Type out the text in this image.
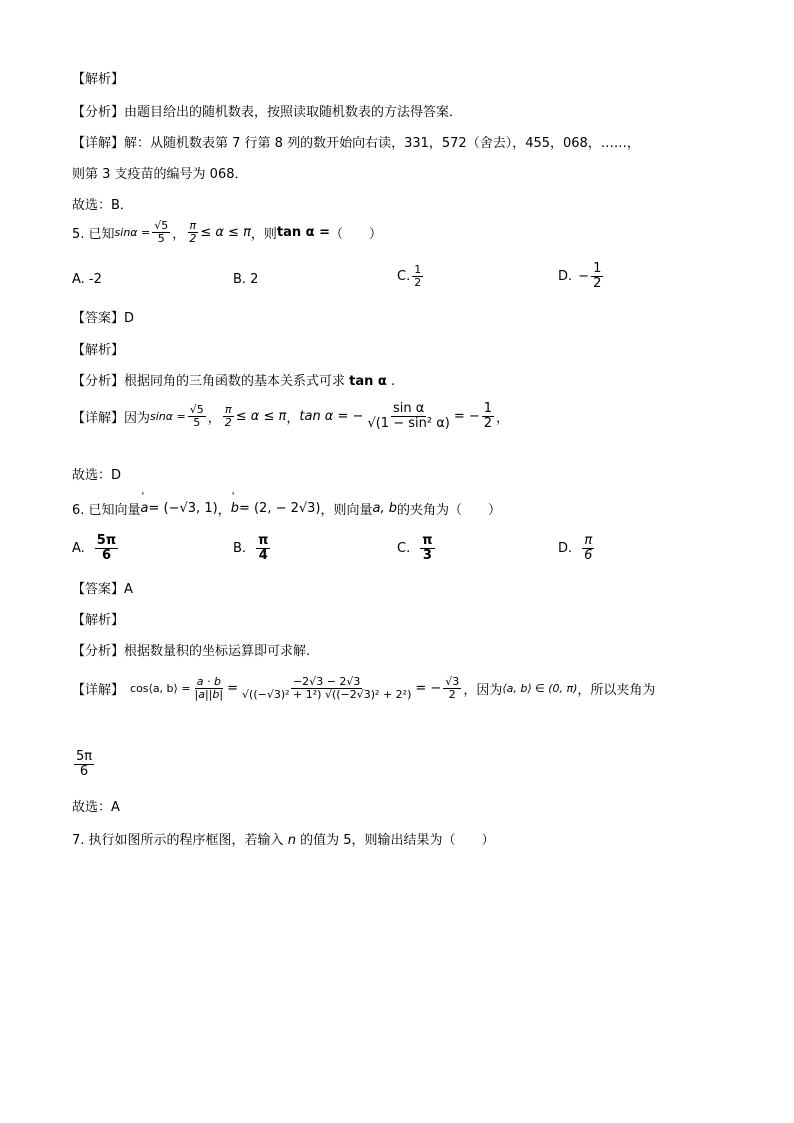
【解析】
【分析】由题目给出的随机数表，按照读取随机数表的方法得答案．
【详解】解：从随机数表第 7 行第 8 列的数开始向右读，331，572（舍去），455，068，……，
则第 3 支疫苗的编号为 068．
故选：B．
5. 已知 $\sin\alpha = \frac{√5}{5}$ ， $\frac{\pi}{2} \le \alpha \le \pi$ ，则 tan α = （　　）
A. -2	B. 2	C. $\frac{1}{2}$	D. − $\frac{1}{2}$
【答案】D
【解析】
【分析】根据同角的三角函数的基本关系式可求 tan α .
【详解】因为 $\sin\alpha = \frac{√5}{5}$ ， $\frac{\pi}{2} \le \alpha \le \pi$ ， tan α = − $\frac{\text{sin α}}{\text{√(1 − sin² α)}}$ = − $\frac{1}{2}$ ，
故选：D
6. 已知向量 ' a = (−√3, 1) ， ' b = (2, − 2√3) ，则向量 a, b 的夹角为（　　）
A. $\frac{5\pi}{6}$	B. $\frac{\pi}{4}$	C. $\frac{\pi}{3}$	D. $\frac{\pi}{6}$
【答案】A
【解析】
【分析】根据数量积的坐标运算即可求解.
【详解】 cos⟨a, b⟩ = $\frac{a \cdot b}{|a||b|} = \frac{-2√3 - 2√3}{\text{√((−√3)² + 1²) √((−2√3)² + 2²)}}$ = − $\frac{√3}{2}$ ，因为 ⟨a, b⟩ ∈ (0, π) ，所以夹角为
$\frac{5\pi}{6}$
故选：A
7. 执行如图所示的程序框图，若输入 n 的值为 5，则输出结果为（　　）
